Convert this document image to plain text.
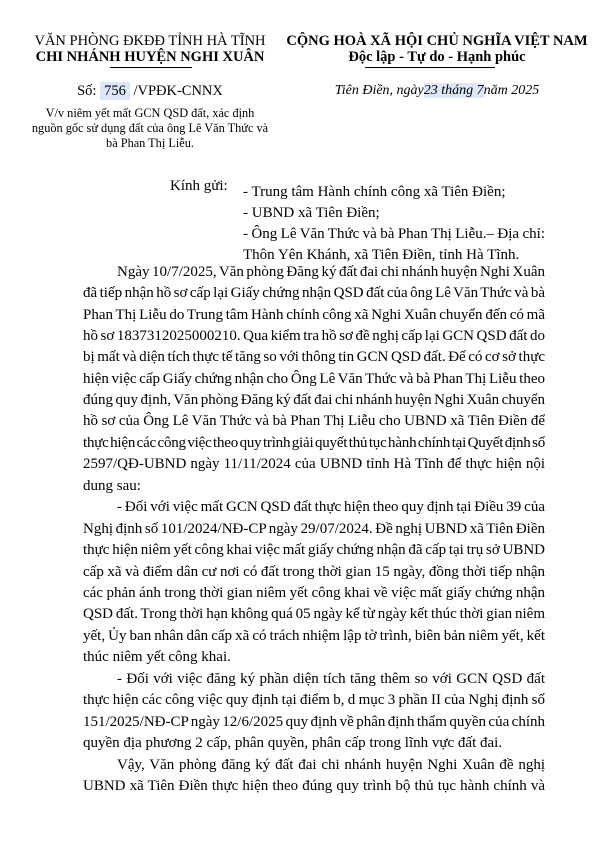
VĂN PHÒNG ĐKĐĐ TỈNH HÀ TĨNH
CHI NHÁNH HUYỆN NGHI XUÂN
CỘNG HOÀ XÃ HỘI CHỦ NGHĨA VIỆT NAM
Độc lập - Tự do - Hạnh phúc
Số: 756 /VPĐK-CNNX	Tiên Điền, ngày23 tháng 7năm 2025
V/v niêm yết mất GCN QSD đất, xác định
nguồn gốc sử dụng đất của ông Lê Văn Thức và
bà Phan Thị Liễu.
Kính gửi: - Trung tâm Hành chính công xã Tiên Điền;
- UBND xã Tiên Điền;
- Ông Lê Văn Thức và bà Phan Thị Liễu.– Địa chỉ:
Thôn Yên Khánh, xã Tiên Điền, tỉnh Hà Tĩnh.
Ngày 10/7/2025, Văn phòng Đăng ký đất đai chi nhánh huyện Nghi Xuân
đã tiếp nhận hồ sơ cấp lại Giấy chứng nhận QSD đất của ông Lê Văn Thức và bà
Phan Thị Liễu do Trung tâm Hành chính công xã Nghi Xuân chuyển đến có mã
hồ sơ 1837312025000210. Qua kiểm tra hồ sơ đề nghị cấp lại GCN QSD đất do
bị mất và diện tích thực tế tăng so với thông tin GCN QSD đất. Để có cơ sở thực
hiện việc cấp Giấy chứng nhận cho Ông Lê Văn Thức và bà Phan Thị Liễu theo
đúng quy định, Văn phòng Đăng ký đất đai chi nhánh huyện Nghi Xuân chuyển
hồ sơ của Ông Lê Văn Thức và bà Phan Thị Liễu cho UBND xã Tiên Điền để
thực hiện các công việc theo quy trình giải quyết thủ tục hành chính tại Quyết định số
2597/QĐ-UBND ngày 11/11/2024 của UBND tỉnh Hà Tĩnh để thực hiện nội
dung sau:
- Đối với việc mất GCN QSD đất thực hiện theo quy định tại Điều 39 của
Nghị định số 101/2024/NĐ-CP ngày 29/07/2024. Đề nghị UBND xã Tiên Điền
thực hiện niêm yết công khai việc mất giấy chứng nhận đã cấp tại trụ sở UBND
cấp xã và điểm dân cư nơi có đất trong thời gian 15 ngày, đồng thời tiếp nhận
các phản ánh trong thời gian niêm yết công khai về việc mất giấy chứng nhận
QSD đất. Trong thời hạn không quá 05 ngày kể từ ngày kết thúc thời gian niêm
yết, Ủy ban nhân dân cấp xã có trách nhiệm lập tờ trình, biên bản niêm yết, kết
thúc niêm yết công khai.
- Đối với việc đăng ký phần diện tích tăng thêm so với GCN QSD đất
thực hiện các công việc quy định tại điểm b, d mục 3 phần II của Nghị định số
151/2025/NĐ-CP ngày 12/6/2025 quy định về phân định thẩm quyền của chính
quyền địa phương 2 cấp, phân quyền, phân cấp trong lĩnh vực đất đai.
Vậy, Văn phòng đăng ký đất đai chi nhánh huyện Nghi Xuân đề nghị
UBND xã Tiên Điền thực hiện theo đúng quy trình bộ thủ tục hành chính và
